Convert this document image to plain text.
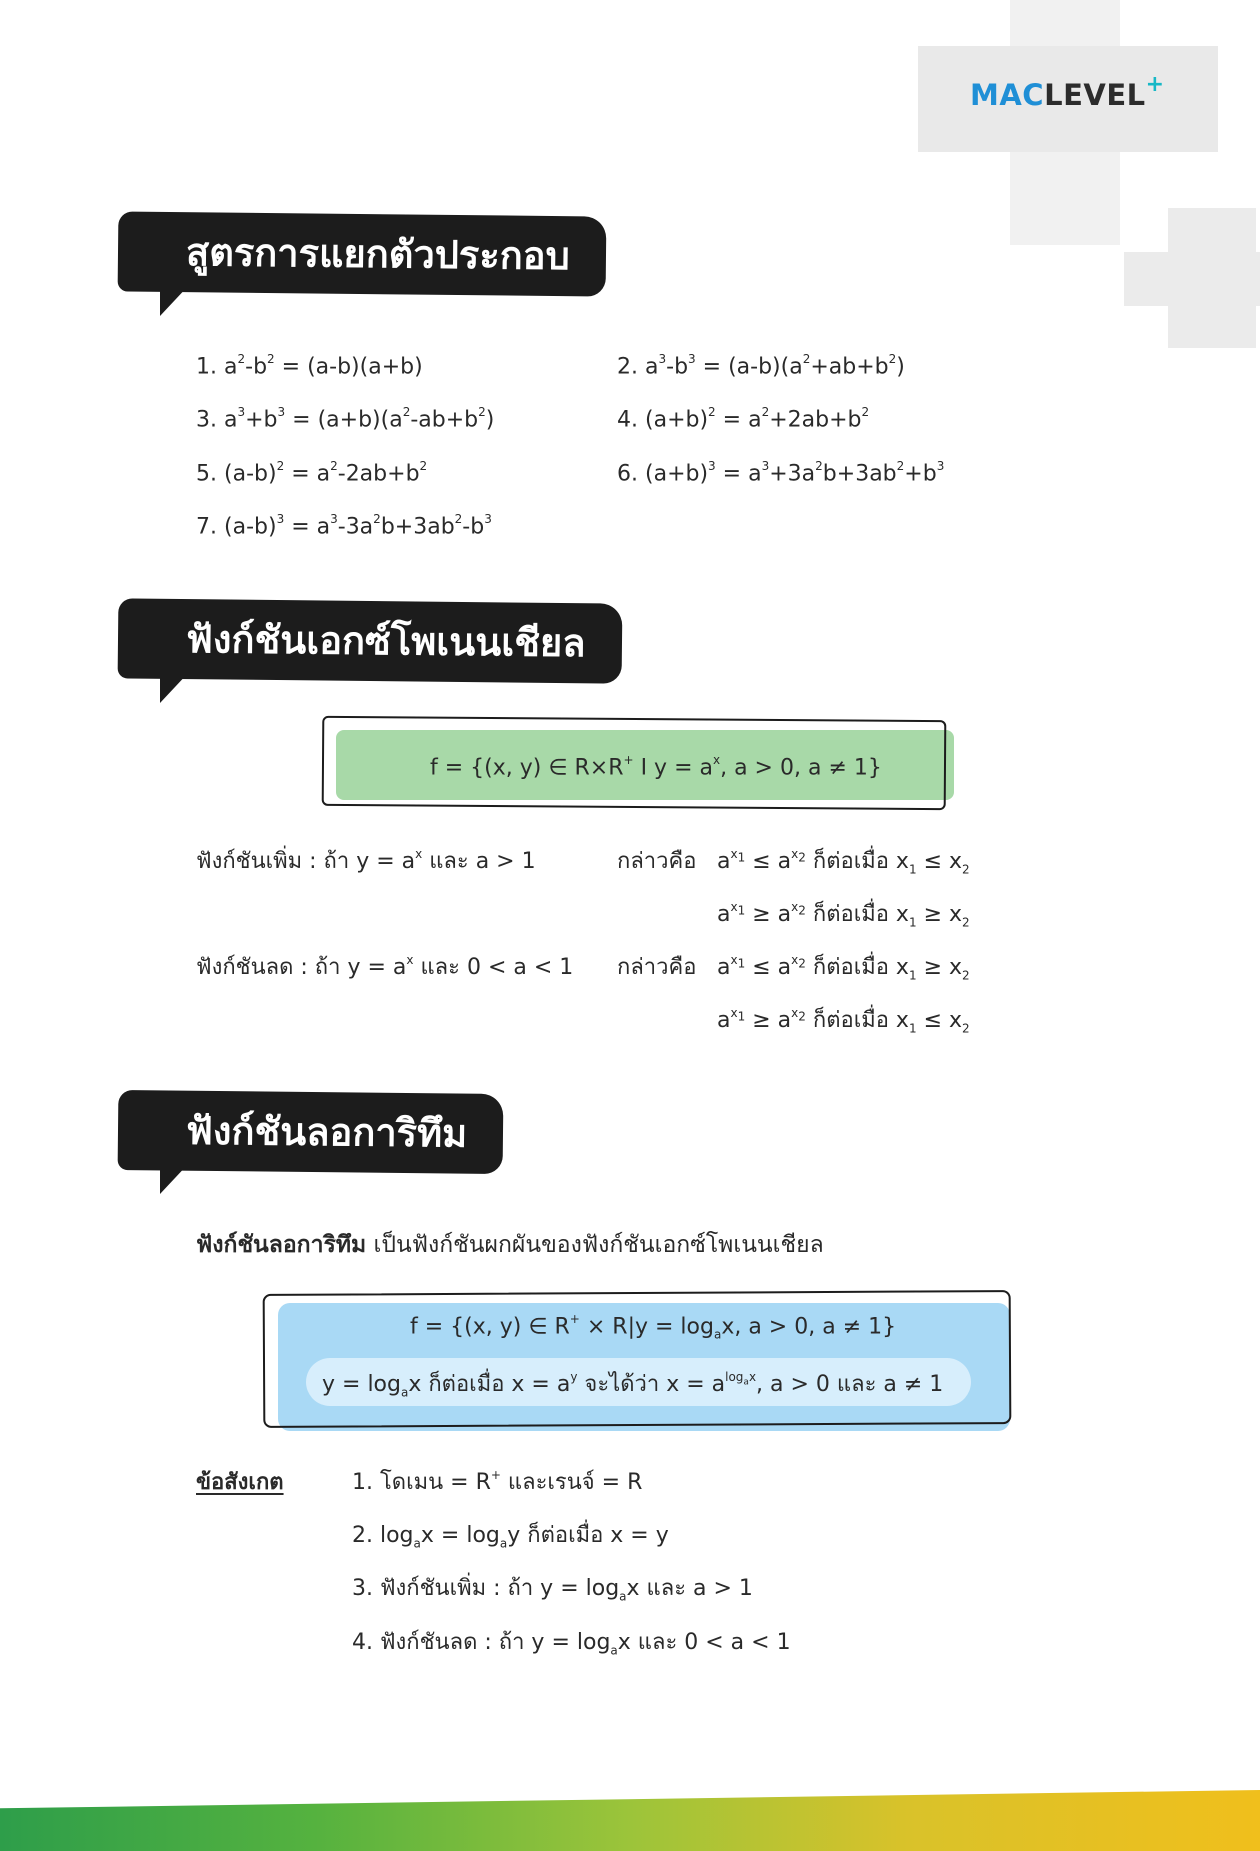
MACLEVEL+
สูตรการแยกตัวประกอบ
1. $a^2-b^2 = (a-b)(a+b)$	2. $a^3-b^3 = (a-b)(a^2+ab+b^2)$
3. $a^3+b^3 = (a+b)(a^2-ab+b^2)$	4. $(a+b)^2 = a^2+2ab+b^2$
5. $(a-b)^2 = a^2-2ab+b^2$	6. $(a+b)^3 = a^3+3a^2b+3ab^2+b^3$
7. $(a-b)^3 = a^3-3a^2b+3ab^2-b^3$
ฟังก์ชันเอกซ์โพเนนเชียล
f = {(x, y) ∈ R×R+ I $y = a^x$, a > 0, a ≠ 1}
ฟังก์ชันเพิ่ม : ถ้า $y = a^x$ และ a > 1	กล่าวคือ $a^{x_1} \le a^{x_2}$ ก็ต่อเมื่อ $x_1 \le x_2$
$a^{x_1} \ge a^{x_2}$ ก็ต่อเมื่อ $x_1 \ge x_2$
ฟังก์ชันลด : ถ้า $y = a^x$ และ 0 < a < 1 กล่าวคือ $a^{x_1} \le a^{x_2}$ ก็ต่อเมื่อ $x_1 \ge x_2$
$a^{x_1} \ge a^{x_2}$ ก็ต่อเมื่อ $x_1 \le x_2$
ฟังก์ชันลอการิทึม
ฟังก์ชันลอการิทึม เป็นฟังก์ชันผกผันของฟังก์ชันเอกซ์โพเนนเชียล
f = {(x, y) ∈ $R^+ \times R|y = \log_ax$, a > 0, a ≠ 1}
$y = \log_ax$ ก็ต่อเมื่อ $x = a^y$ จะได้ว่า $x = a^{log_ax}$, a > 0 และ a ≠ 1
ข้อสังเกต	1. โดเมน = R+ และเรนจ์ = R
2. $\log_ax = \log_ay$ ก็ต่อเมื่อ x = y
3. ฟังก์ชันเพิ่ม : ถ้า $y = \log_ax$ และ a > 1
4. ฟังก์ชันลด : ถ้า $y = \log_ax$ และ 0 < a < 1
